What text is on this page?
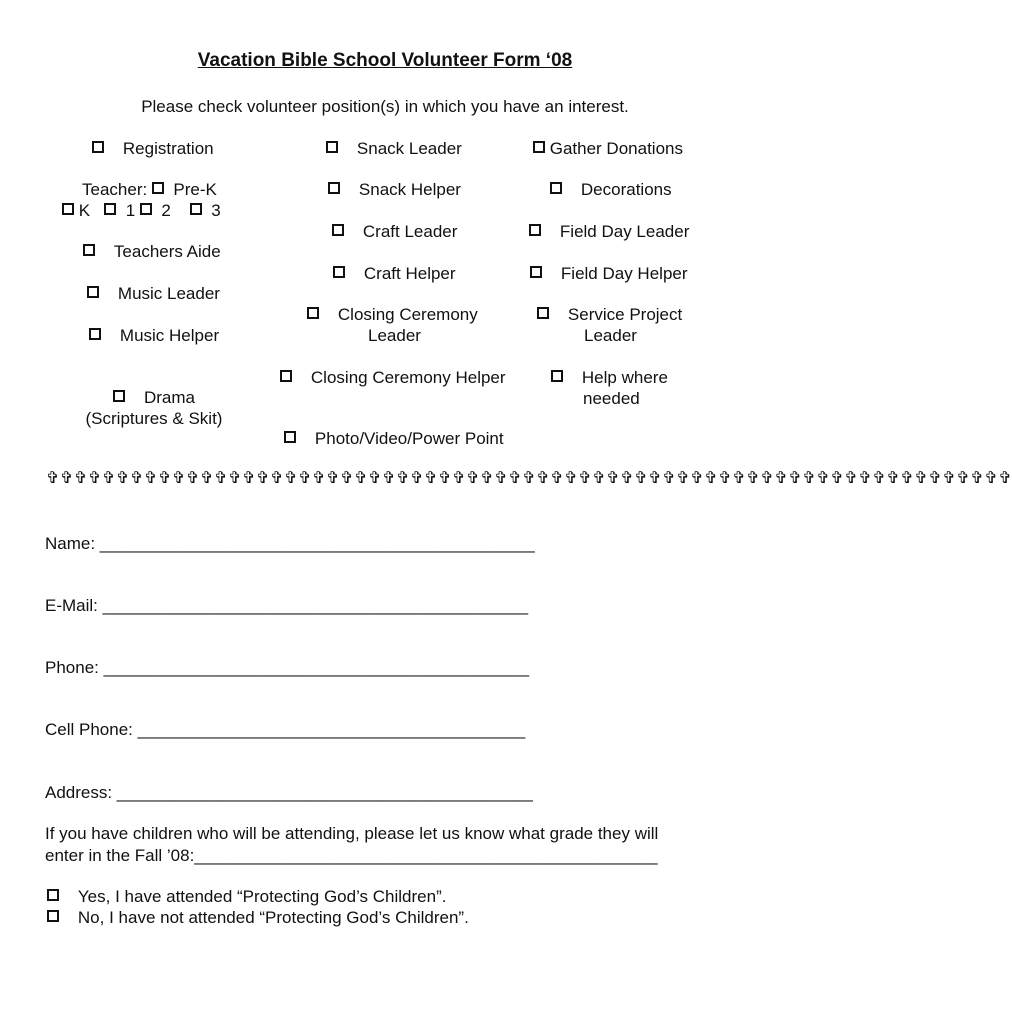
Vacation Bible School Volunteer Form ‘08
Please check volunteer position(s) in which you have an interest.
Registration
Teacher: Pre-K
K 1 2 3
Teachers Aide
Music Leader
Music Helper
Drama
(Scriptures & Skit)
Snack Leader
Snack Helper
Craft Leader
Craft Helper
Closing Ceremony
Leader
Closing Ceremony Helper
Photo/Video/Power Point
Gather Donations
Decorations
Field Day Leader
Field Day Helper
Service Project
Leader
Help where
needed
✞✞✞✞✞✞✞✞✞✞✞✞✞✞✞✞✞✞✞✞✞✞✞✞✞✞✞✞✞✞✞✞✞✞✞✞✞✞✞✞✞✞✞✞✞✞✞✞✞✞✞✞✞✞✞✞✞✞✞✞✞✞✞✞✞✞✞✞✞
Name: ______________________________________________
E-Mail: _____________________________________________
Phone: _____________________________________________
Cell Phone: _________________________________________
Address: ____________________________________________
If you have children who will be attending, please let us know what grade they will
enter in the Fall ’08:_________________________________________________
Yes, I have attended “Protecting God’s Children”.
No, I have not attended “Protecting God’s Children”.
